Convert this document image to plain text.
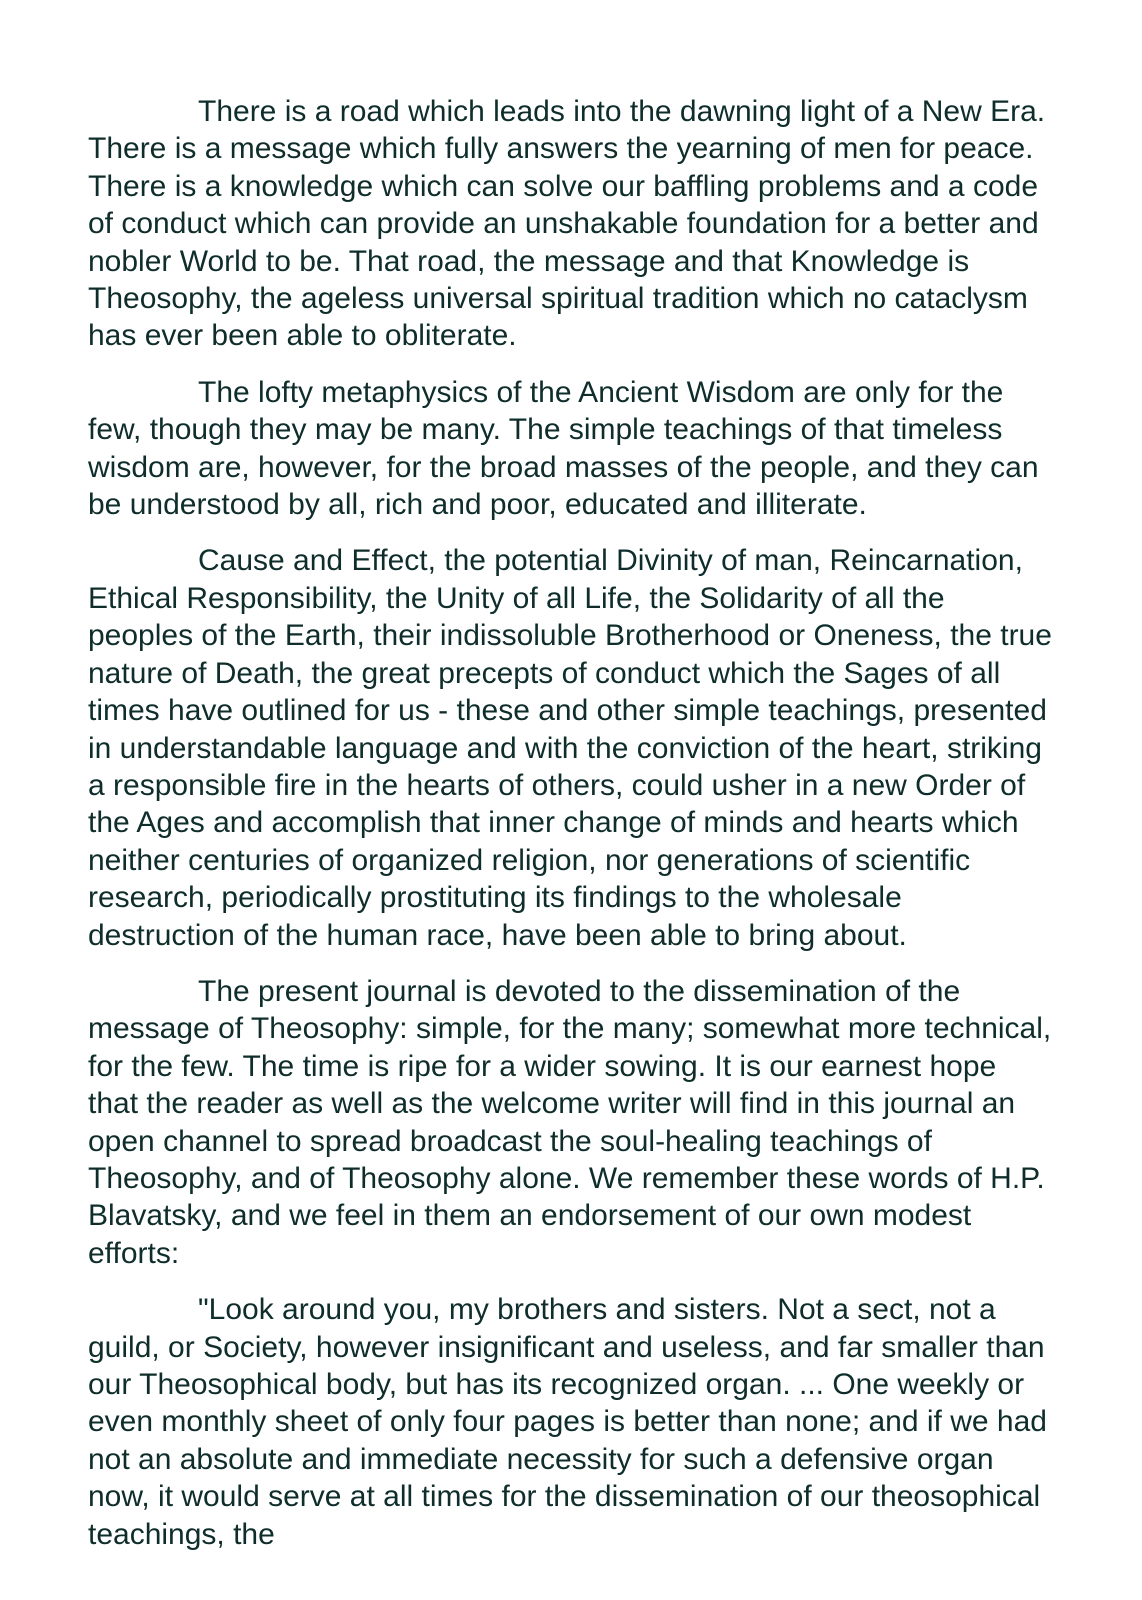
There is a road which leads into the dawning light of a New Era. There is a message which fully answers the yearning of men for peace. There is a knowledge which can solve our baffling problems and a code of conduct which can provide an unshakable foundation for a better and nobler World to be. That road, the message and that Knowledge is Theosophy, the ageless universal spiritual tradition which no cataclysm has ever been able to obliterate.

The lofty metaphysics of the Ancient Wisdom are only for the few, though they may be many. The simple teachings of that timeless wisdom are, however, for the broad masses of the people, and they can be understood by all, rich and poor, educated and illiterate.

Cause and Effect, the potential Divinity of man, Reincarnation, Ethical Responsibility, the Unity of all Life, the Solidarity of all the peoples of the Earth, their indissoluble Brotherhood or Oneness, the true nature of Death, the great precepts of conduct which the Sages of all times have outlined for us - these and other simple teachings, presented in understandable language and with the conviction of the heart, striking a responsible fire in the hearts of others, could usher in a new Order of the Ages and accomplish that inner change of minds and hearts which neither centuries of organized religion, nor generations of scientific research, periodically prostituting its findings to the wholesale destruction of the human race, have been able to bring about.

The present journal is devoted to the dissemination of the message of Theosophy: simple, for the many; somewhat more technical, for the few. The time is ripe for a wider sowing. It is our earnest hope that the reader as well as the welcome writer will find in this journal an open channel to spread broadcast the soul-healing teachings of Theosophy, and of Theosophy alone. We remember these words of H.P. Blavatsky, and we feel in them an endorsement of our own modest efforts:

"Look around you, my brothers and sisters. Not a sect, not a guild, or Society, however insignificant and useless, and far smaller than our Theosophical body, but has its recognized organ. ... One weekly or even monthly sheet of only four pages is better than none; and if we had not an absolute and immediate necessity for such a defensive organ now, it would serve at all times for the dissemination of our theosophical teachings, the
